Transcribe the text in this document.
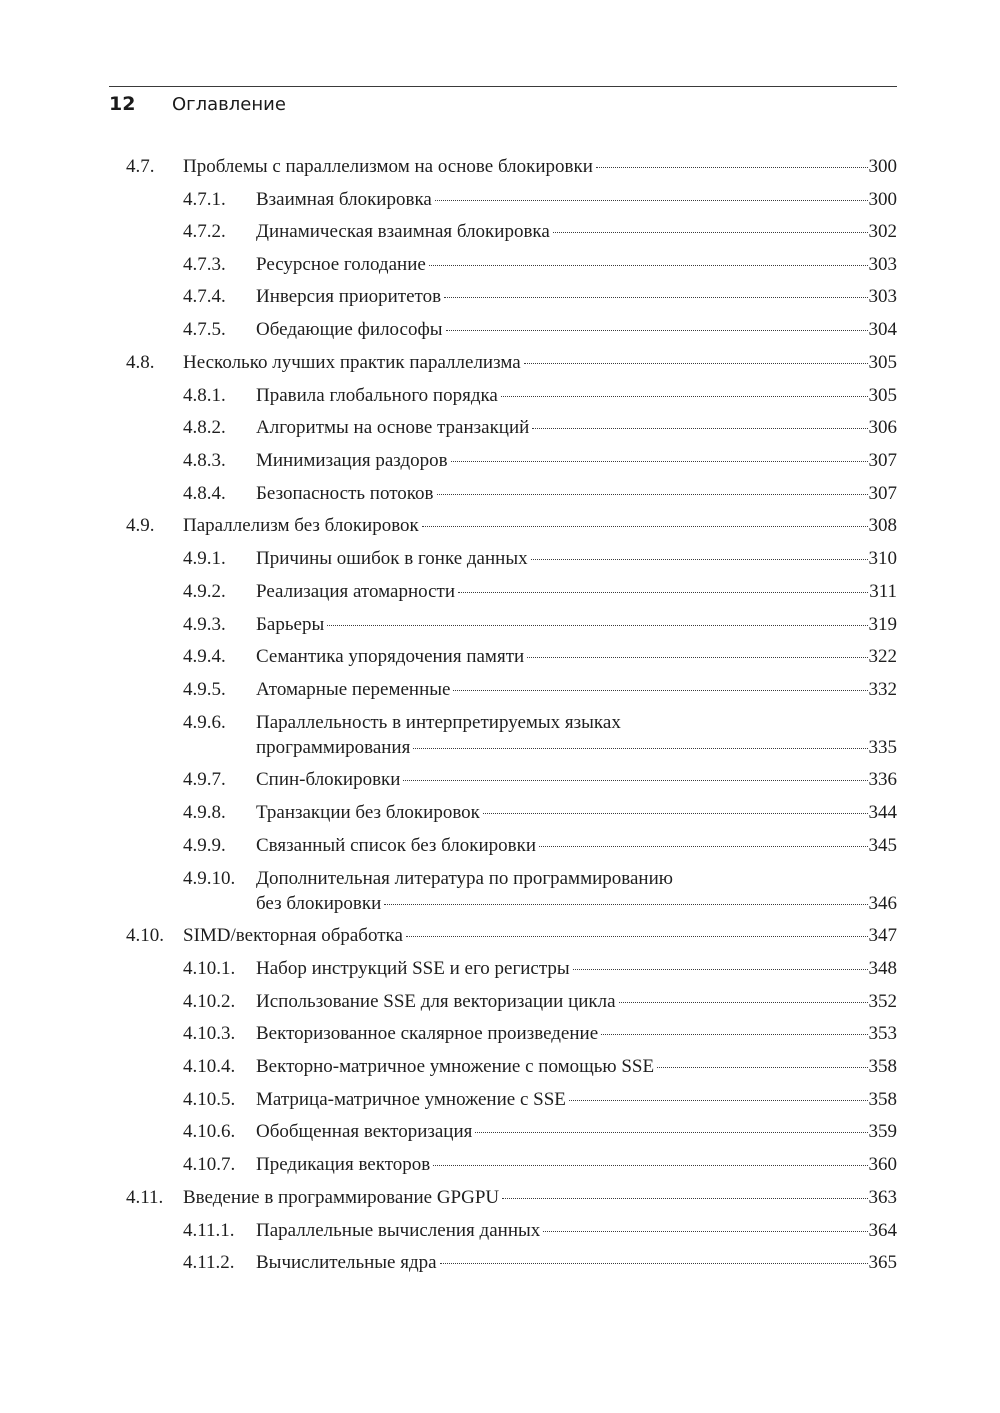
12 Оглавление
4.7. Проблемы с параллелизмом на основе блокировки	300
4.7.1. Взаимная блокировка	300
4.7.2. Динамическая взаимная блокировка	302
4.7.3. Ресурсное голодание	303
4.7.4. Инверсия приоритетов	303
4.7.5. Обедающие философы	304
4.8. Несколько лучших практик параллелизма	305
4.8.1. Правила глобального порядка	305
4.8.2. Алгоритмы на основе транзакций	306
4.8.3. Минимизация раздоров	307
4.8.4. Безопасность потоков	307
4.9. Параллелизм без блокировок	308
4.9.1. Причины ошибок в гонке данных	310
4.9.2. Реализация атомарности	311
4.9.3. Барьеры	319
4.9.4. Семантика упорядочения памяти	322
4.9.5. Атомарные переменные	332
4.9.6. Параллельность в интерпретируемых языках
программирования	335
4.9.7. Спин-блокировки	336
4.9.8. Транзакции без блокировок	344
4.9.9. Связанный список без блокировки	345
4.9.10. Дополнительная литература по программированию
без блокировки	346
4.10. SIMD/векторная обработка	347
4.10.1. Набор инструкций SSE и его регистры	348
4.10.2. Использование SSE для векторизации цикла	352
4.10.3. Векторизованное скалярное произведение	353
4.10.4. Векторно-матричное умножение с помощью SSE	358
4.10.5. Матрица-матричное умножение с SSE	358
4.10.6. Обобщенная векторизация	359
4.10.7. Предикация векторов	360
4.11. Введение в программирование GPGPU	363
4.11.1. Параллельные вычисления данных	364
4.11.2. Вычислительные ядра	365
